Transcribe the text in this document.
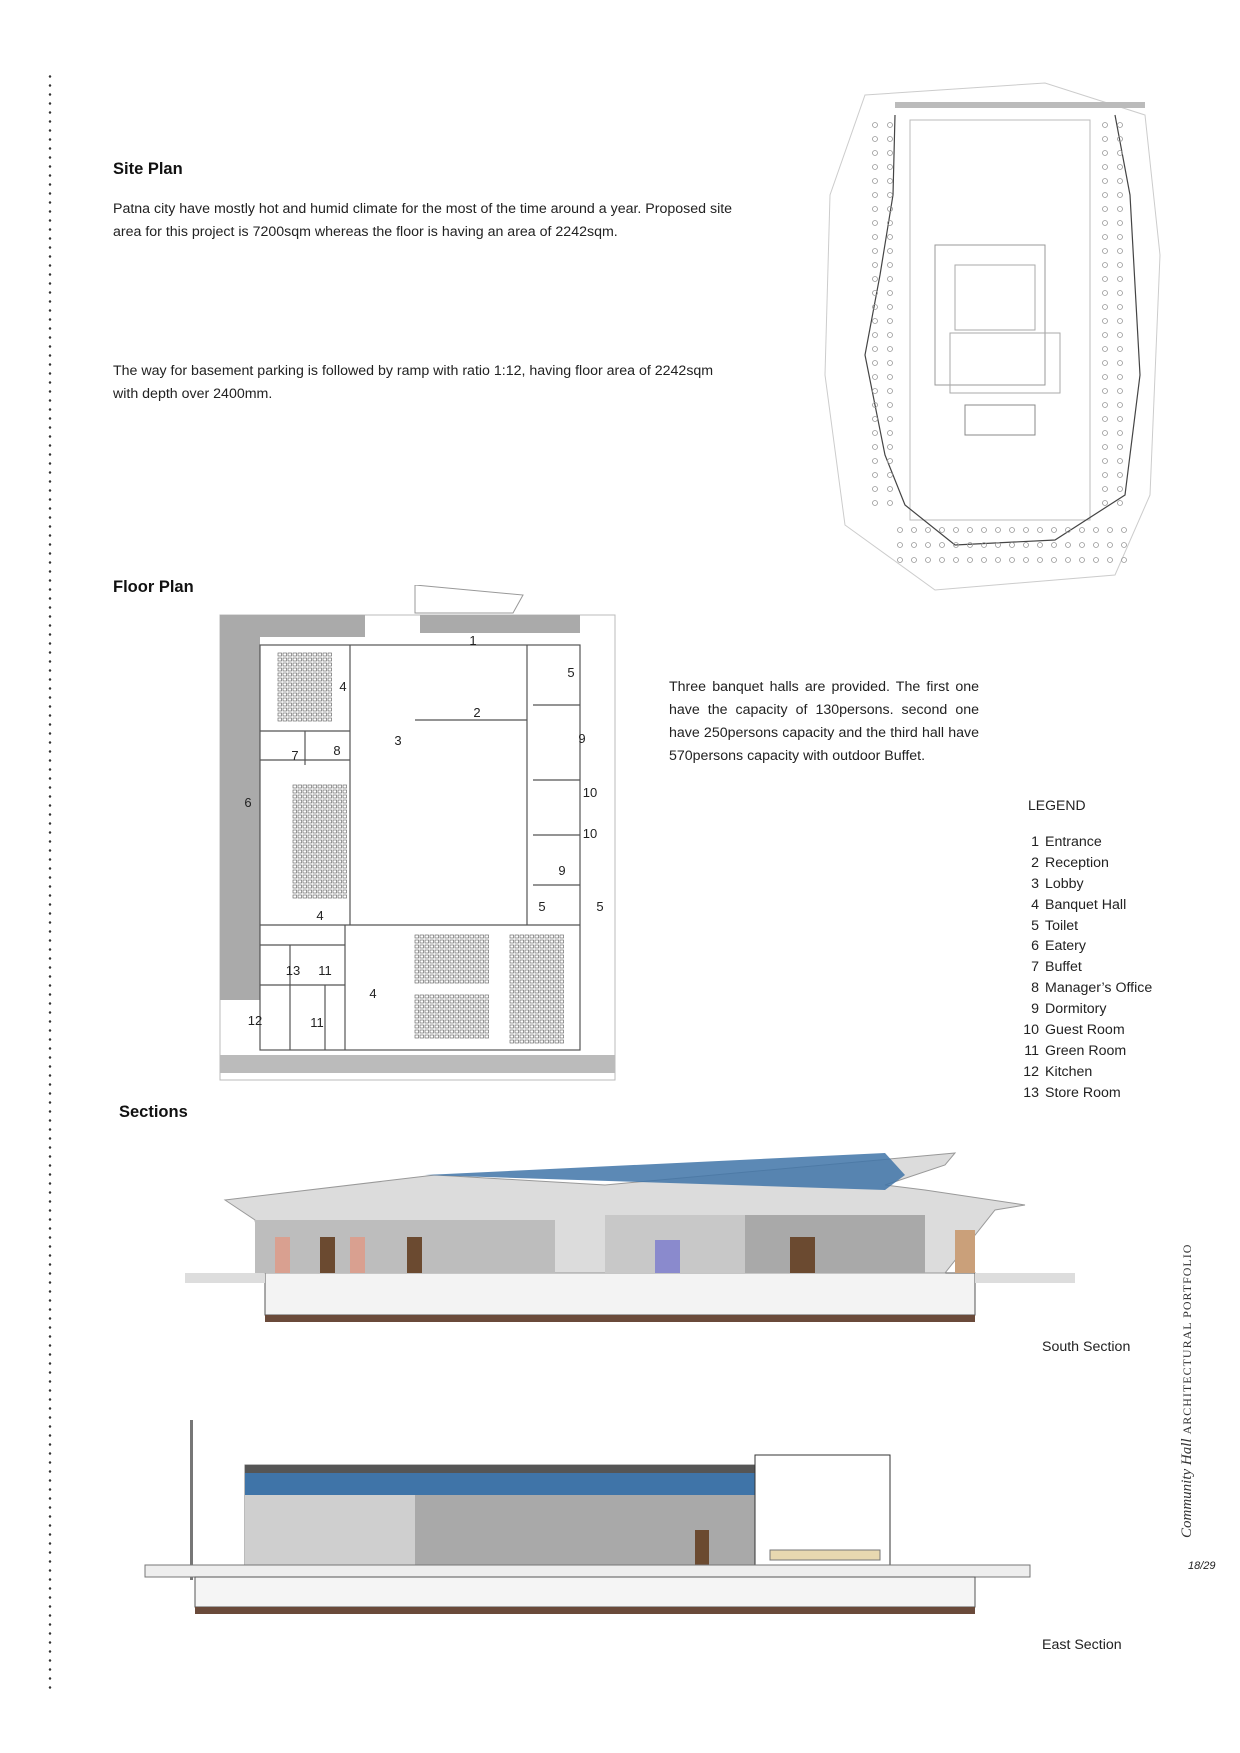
Site Plan

Patna city have mostly hot and humid climate for the most of the time around a year. Proposed site area for this project is 7200sqm whereas the floor is having an area of 2242sqm.

The way for basement parking is followed by ramp with ratio 1:12, having floor area of 2242sqm with depth over 2400mm.

Floor Plan
1
2
3
4
4
4
5
5	5
6
7	8
9
9
10
10
11
11
12
13

Three banquet halls are provided. The first one have the capacity of 130persons. second one have 250persons capacity and the third hall have 570persons capacity with outdoor Buffet.

LEGEND
1 Entrance
2 Reception
3 Lobby
4 Banquet Hall
5 Toilet
6 Eatery
7 Buffet
8 Manager’s Office
9 Dormitory
10 Guest Room
11 Green Room
12 Kitchen
13 Store Room
Sections
South Section
East Section
Community Hall ARCHITECTURAL PORTFOLIO
18/29
